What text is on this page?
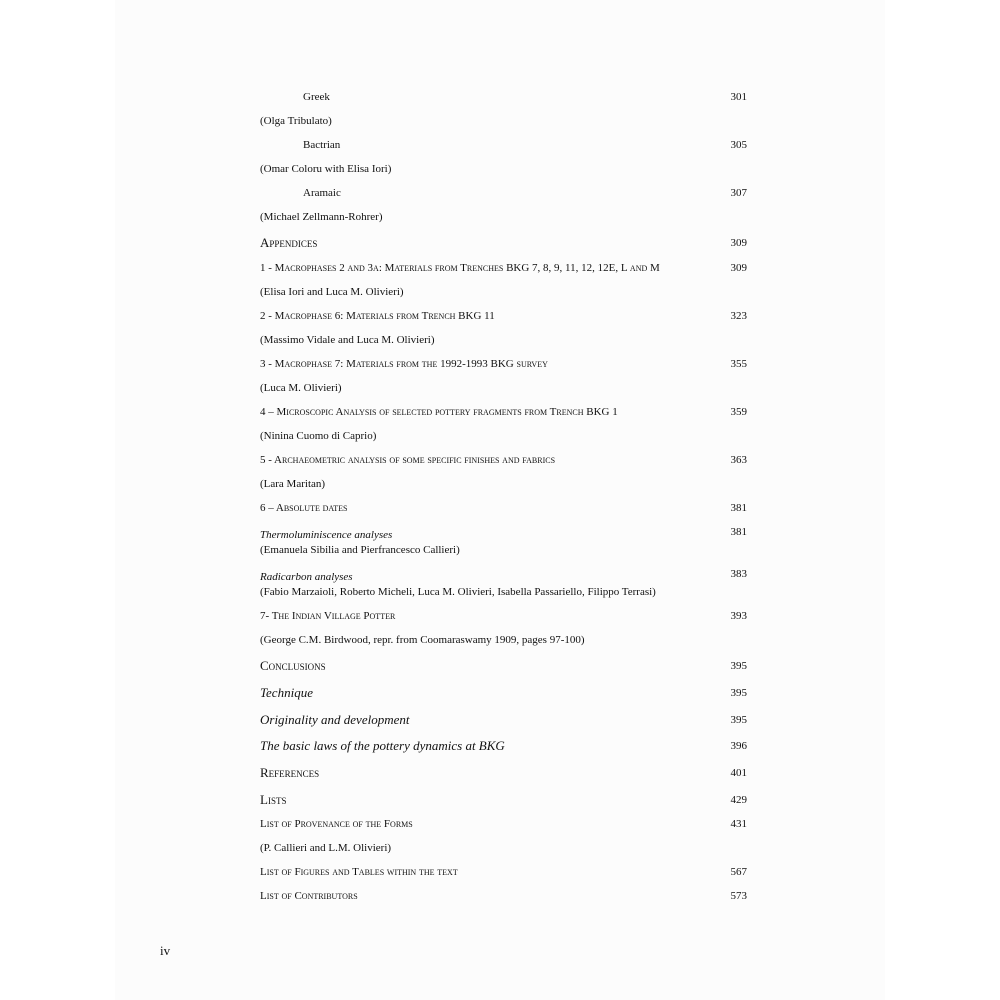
Greek	301
(Olga Tribulato)
Bactrian	305
(Omar Coloru with Elisa Iori)
Aramaic	307
(Michael Zellmann-Rohrer)
Appendices	309
1 - Macrophases 2 and 3a: Materials from Trenches BKG 7, 8, 9, 11, 12, 12E, L and M	309
(Elisa Iori and Luca M. Olivieri)
2 - Macrophase 6: Materials from Trench BKG 11	323
(Massimo Vidale and Luca M. Olivieri)
3 - Macrophase 7: Materials from the 1992-1993 BKG survey	355
(Luca M. Olivieri)
4 – Microscopic Analysis of selected pottery fragments from Trench BKG 1	359
(Ninina Cuomo di Caprio)
5 - Archaeometric analysis of some specific finishes and fabrics	363
(Lara Maritan)
6 – Absolute dates	381
Thermoluminiscence analyses	381
(Emanuela Sibilia and Pierfrancesco Callieri)
Radicarbon analyses	383
(Fabio Marzaioli, Roberto Micheli, Luca M. Olivieri, Isabella Passariello, Filippo Terrasi)
7- The Indian Village Potter	393
(George C.M. Birdwood, repr. from Coomaraswamy 1909, pages 97-100)
Conclusions	395
Technique	395
Originality and development	395
The basic laws of the pottery dynamics at BKG	396
References	401
Lists	429
List of Provenance of the Forms	431
(P. Callieri and L.M. Olivieri)
List of Figures and Tables within the text	567
List of Contributors	573
iv
